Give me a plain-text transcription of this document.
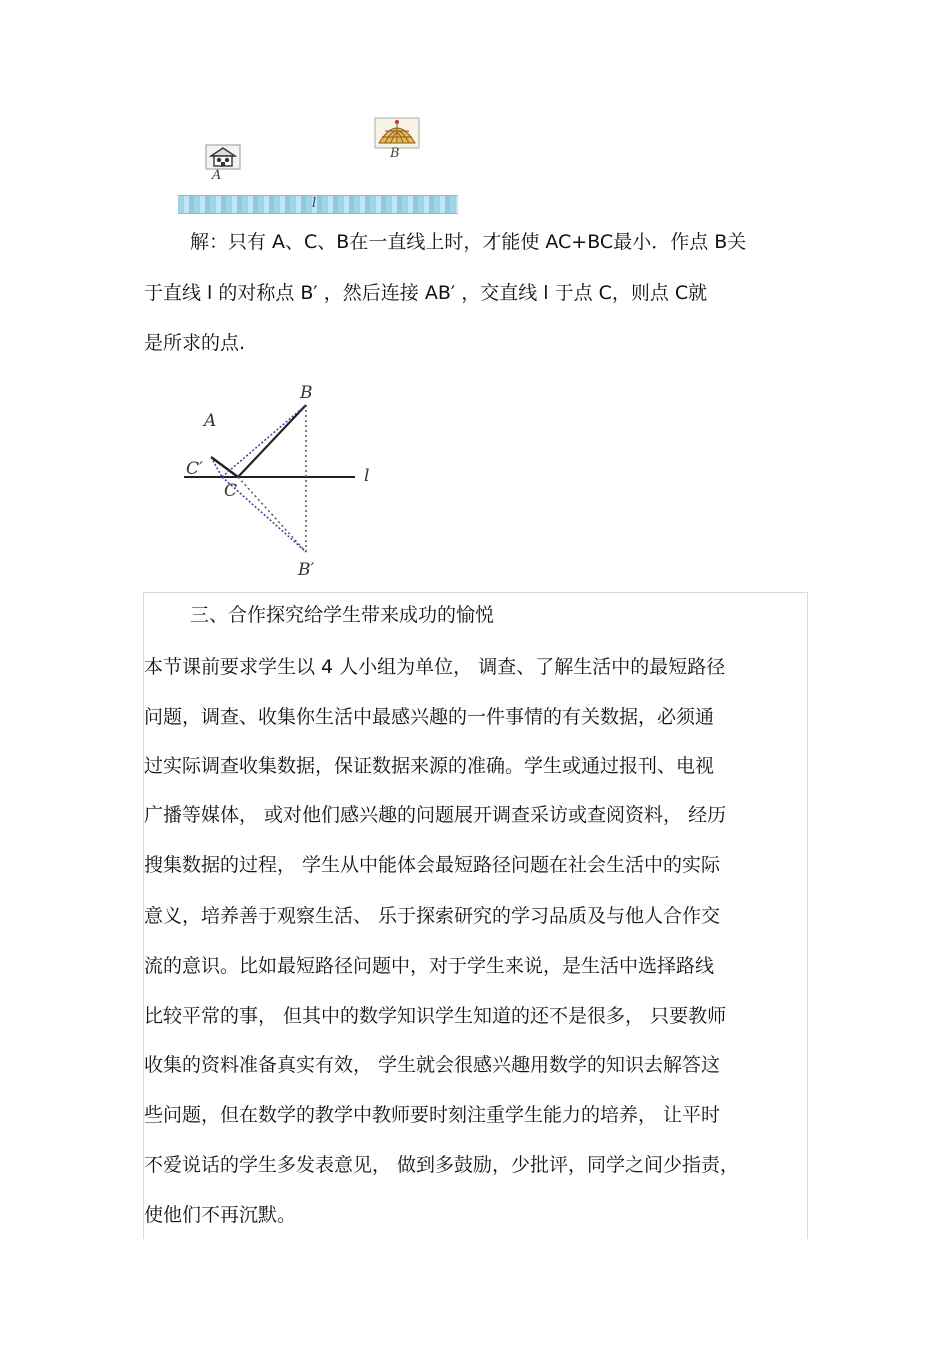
A
B
l
解：只有 A、C、B在一直线上时，才能使 AC+BC最小．作点 B关
于直线 l 的对称点 B′ ，然后连接 AB′ ，交直线 l 于点 C，则点 C就
是所求的点.
A
B
C′
C
l
B′
三、合作探究给学生带来成功的愉悦
本节课前要求学生以 4 人小组为单位， 调查、了解生活中的最短路径
问题，调查、收集你生活中最感兴趣的一件事情的有关数据，必须通
过实际调查收集数据，保证数据来源的准确。学生或通过报刊、电视
广播等媒体， 或对他们感兴趣的问题展开调查采访或查阅资料， 经历
搜集数据的过程， 学生从中能体会最短路径问题在社会生活中的实际
意义，培养善于观察生活、 乐于探索研究的学习品质及与他人合作交
流的意识。比如最短路径问题中，对于学生来说，是生活中选择路线
比较平常的事， 但其中的数学知识学生知道的还不是很多， 只要教师
收集的资料准备真实有效， 学生就会很感兴趣用数学的知识去解答这
些问题，但在数学的教学中教师要时刻注重学生能力的培养， 让平时
不爱说话的学生多发表意见， 做到多鼓励，少批评，同学之间少指责，
使他们不再沉默。
